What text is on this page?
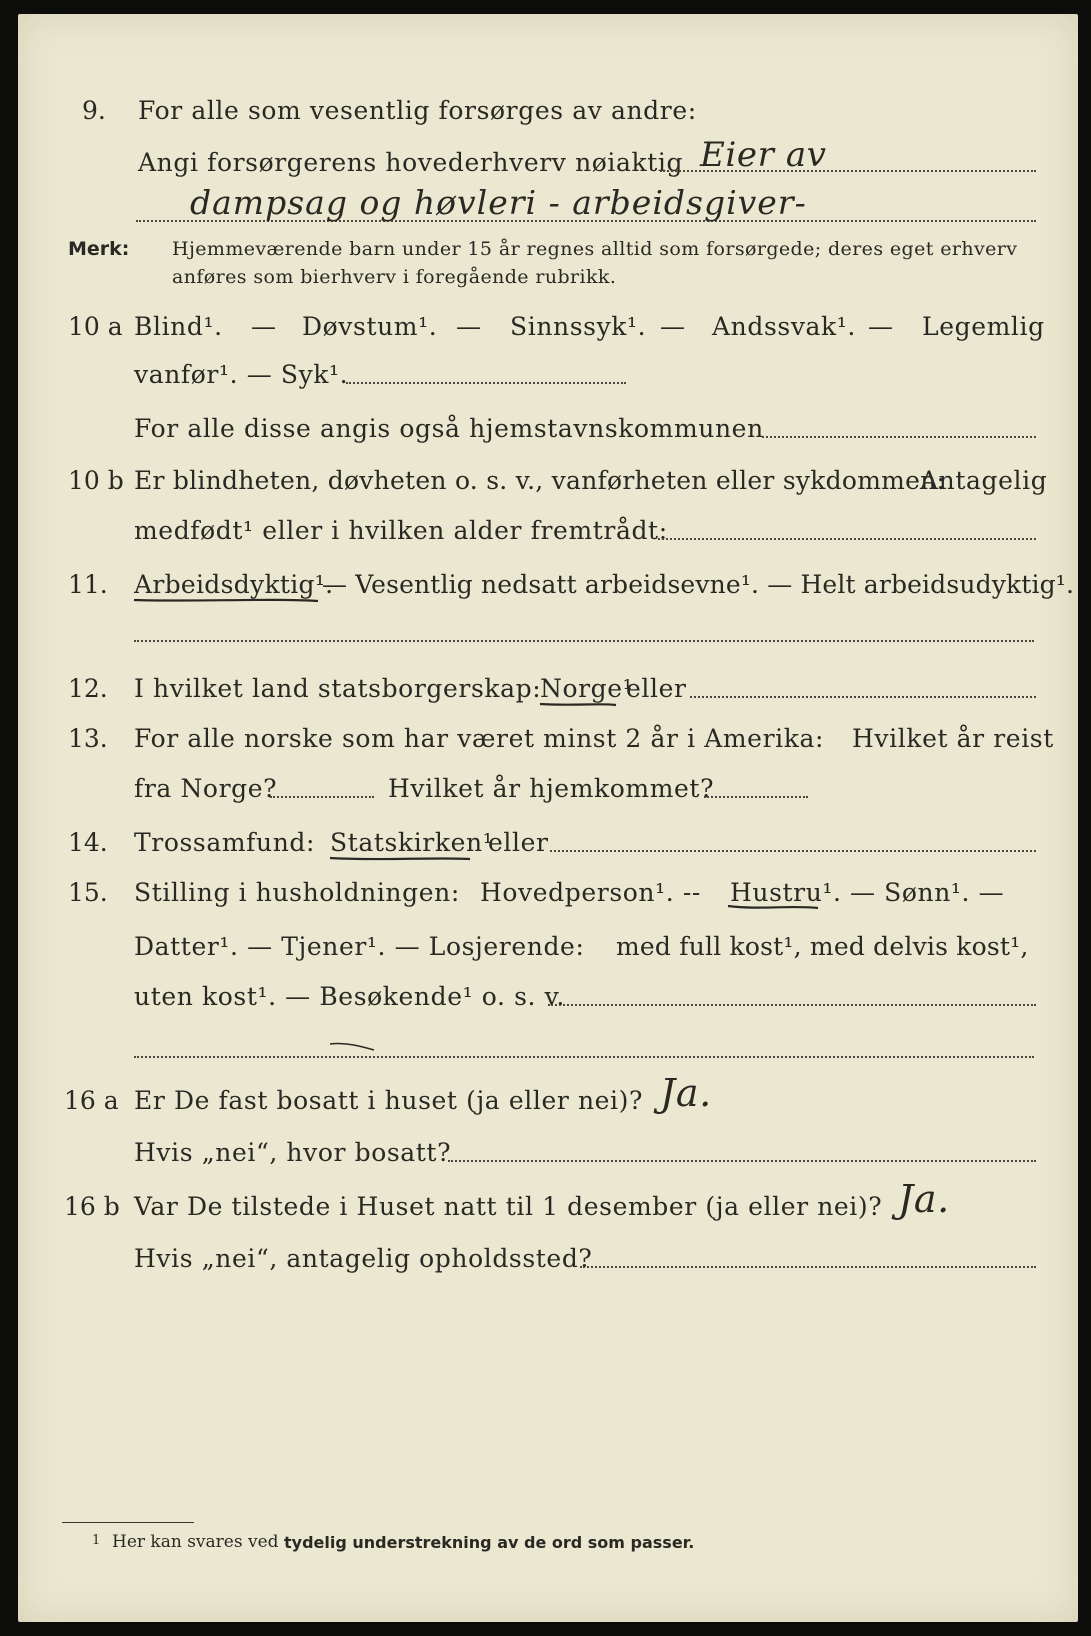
9. For alle som vesentlig forsørges av andre:
Angi forsørgerens hovederhverv nøiaktig Eier av
dampsag og høvleri - arbeidsgiver-
Merk: Hjemmeværende barn under 15 år regnes alltid som forsørgede; deres eget erhverv
anføres som bierhverv i foregående rubrikk.
10 a Blind¹. — Døvstum¹. — Sinnssyk¹. — Andssvak¹. — Legemlig
vanfør¹. — Syk¹.
For alle disse angis også hjemstavnskommunen
10 b Er blindheten, døvheten o. s. v., vanførheten eller sykdommen:
Antagelig
medfødt¹ eller i hvilken alder fremtrådt:
11. Arbeidsdyktig¹.
— Vesentlig nedsatt arbeidsevne¹. — Helt arbeidsudyktig¹.
12. I hvilket land statsborgerskap:
Norge¹
eller
13. For alle norske som har været minst 2 år i Amerika: Hvilket år reist
fra Norge?	Hvilket år hjemkommet?
14. Trossamfund: Statskirken¹
eller
15. Stilling i husholdningen: Hovedperson¹. -- Hustru¹. — Sønn¹. —
Datter¹. — Tjener¹. — Losjerende: med full kost¹, med delvis kost¹,
uten kost¹. — Besøkende¹ o. s. v.
16 a Er De fast bosatt i huset (ja eller nei)? Ja.
Hvis „nei“, hvor bosatt?
16 b Var De tilstede i Huset natt til 1 desember (ja eller nei)? Ja.
Hvis „nei“, antagelig opholdssted?
1 Her kan svares ved tydelig understrekning av de ord som passer.
